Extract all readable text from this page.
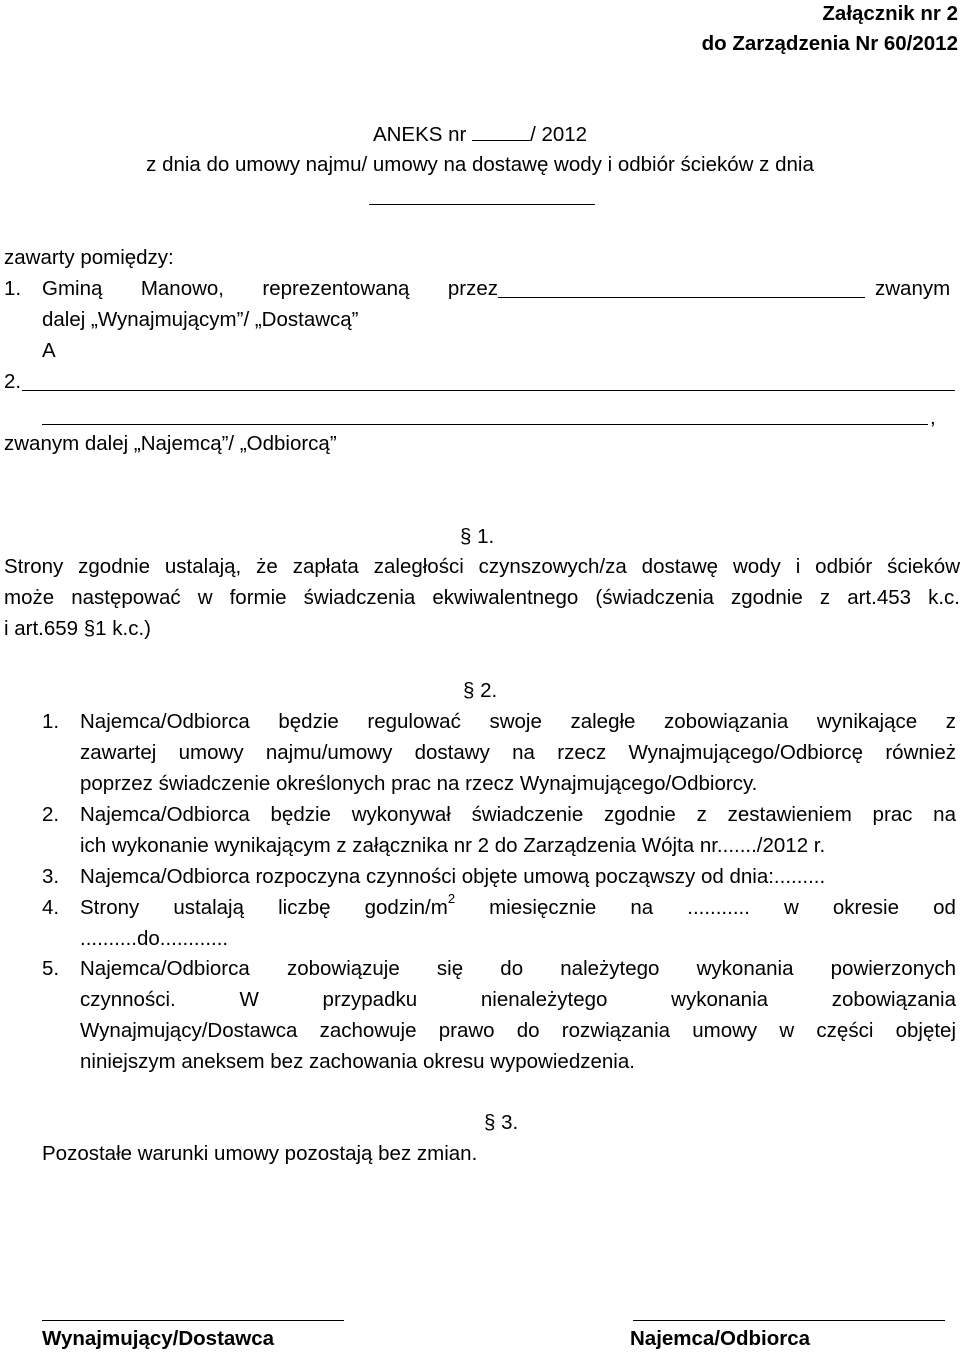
Załącznik nr 2
do Zarządzenia Nr 60/2012
ANEKS nr	/ 2012
z dnia do umowy najmu/ umowy na dostawę wody i odbiór ścieków z dnia
zawarty pomiędzy:
1. Gminą Manowo, reprezentowaną przez	zwanym
dalej „Wynajmującym”/ „Dostawcą”
A
2.
,
zwanym dalej „Najemcą”/ „Odbiorcą”
§ 1.
Strony zgodnie ustalają, że zapłata zaległości czynszowych/za dostawę wody i odbiór ścieków
może następować w formie świadczenia ekwiwalentnego (świadczenia zgodnie z art.453 k.c.
i art.659 §1 k.c.)
§ 2.
1. Najemca/Odbiorca będzie regulować swoje zaległe zobowiązania wynikające z
zawartej umowy najmu/umowy dostawy na rzecz Wynajmującego/Odbiorcę również
poprzez świadczenie określonych prac na rzecz Wynajmującego/Odbiorcy.
2. Najemca/Odbiorca będzie wykonywał świadczenie zgodnie z zestawieniem prac na
ich wykonanie wynikającym z załącznika nr 2 do Zarządzenia Wójta nr......./2012 r.
3. Najemca/Odbiorca rozpoczyna czynności objęte umową począwszy od dnia:.........
4. Strony ustalają liczbę godzin/$m^2$ miesięcznie na ........... w okresie od
..........do............
5. Najemca/Odbiorca zobowiązuje się do należytego wykonania powierzonych
czynności. W przypadku nienależytego wykonania zobowiązania
Wynajmujący/Dostawca zachowuje prawo do rozwiązania umowy w części objętej
niniejszym aneksem bez zachowania okresu wypowiedzenia.
§ 3.
Pozostałe warunki umowy pozostają bez zmian.
Wynajmujący/Dostawca	Najemca/Odbiorca
